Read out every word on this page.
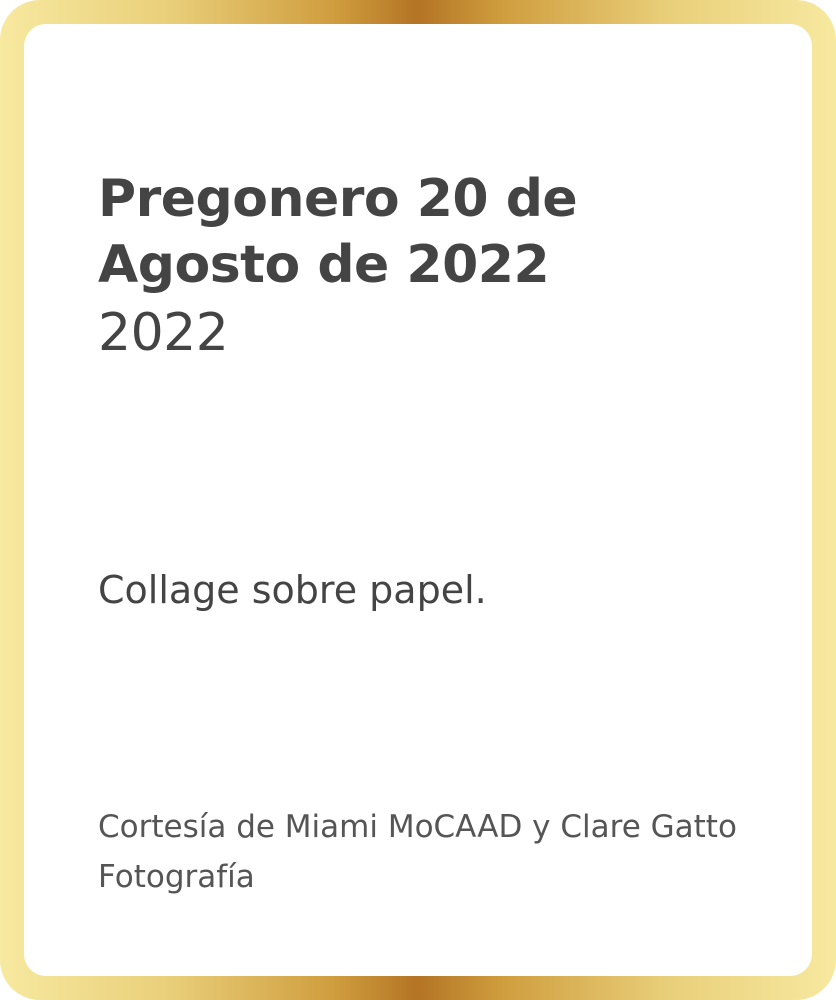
Pregonero 20 de Agosto de 2022
2022

Collage sobre papel.

Cortesía de Miami MoCAAD y Clare Gatto Fotografía
